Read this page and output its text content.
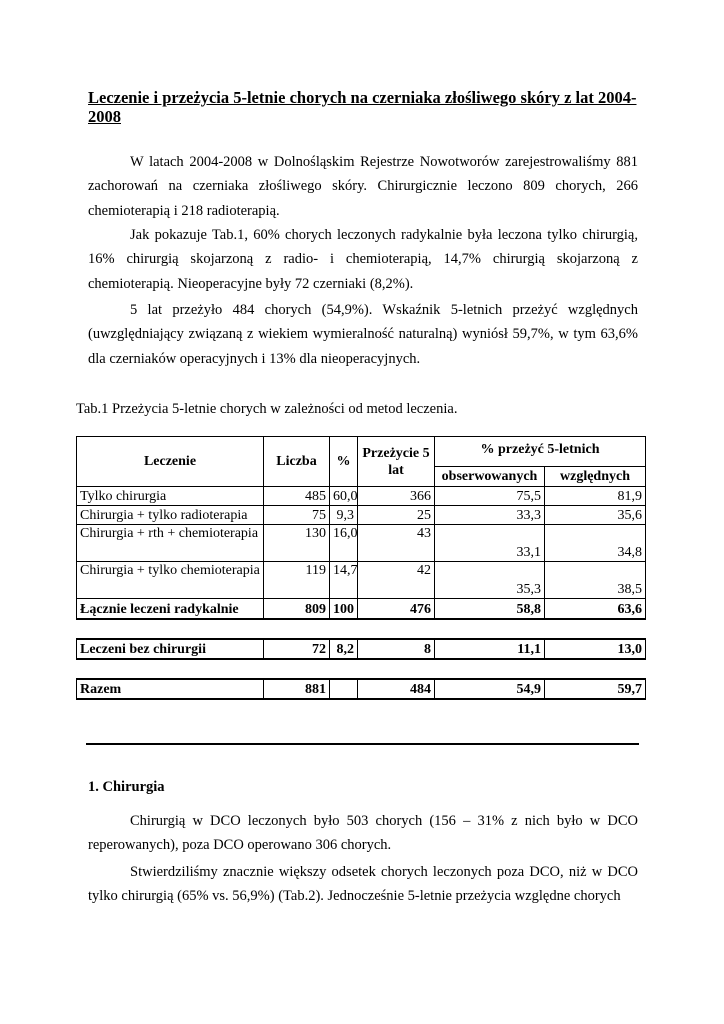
Leczenie i przeżycia 5-letnie chorych na czerniaka złośliwego skóry z lat 2004-2008
W latach 2004-2008 w Dolnośląskim Rejestrze Nowotworów zarejestrowaliśmy 881 zachorowań na czerniaka złośliwego skóry. Chirurgicznie leczono 809 chorych, 266 chemioterapią i 218 radioterapią.
Jak pokazuje Tab.1, 60% chorych leczonych radykalnie była leczona tylko chirurgią, 16% chirurgią skojarzoną z radio- i chemioterapią, 14,7% chirurgią skojarzoną z chemioterapią. Nieoperacyjne były 72 czerniaki (8,2%).
5 lat przeżyło 484 chorych (54,9%). Wskaźnik 5-letnich przeżyć względnych (uwzględniający związaną z wiekiem wymieralność naturalną) wyniósł 59,7%, w tym 63,6% dla czerniaków operacyjnych i 13% dla nieoperacyjnych.
Tab.1 Przeżycia 5-letnie chorych w zależności od metod leczenia.
Leczenie	Liczba	%	Przeżycie 5 lat	% przeżyć 5-letnich	
				obserwowanych	względnych
Tylko chirurgia	485	60,0	366	75,5	81,9
Chirurgia + tylko radioterapia	75	9,3	25	33,3	35,6
Chirurgia + rth + chemioterapia	130	16,0	43	33,1	34,8
Chirurgia + tylko chemioterapia	119	14,7	42	35,3	38,5
Łącznie leczeni radykalnie	809	100	476	58,8	63,6

Leczeni bez chirurgii	72	8,2	8	11,1	13,0

Razem	881		484	54,9	59,7
1. Chirurgia
Chirurgią w DCO leczonych było 503 chorych (156 – 31% z nich było w DCO reperowanych), poza DCO operowano 306 chorych.
Stwierdziliśmy znacznie większy odsetek chorych leczonych poza DCO, niż w DCO tylko chirurgią (65% vs. 56,9%) (Tab.2). Jednocześnie 5-letnie przeżycia względne chorych
